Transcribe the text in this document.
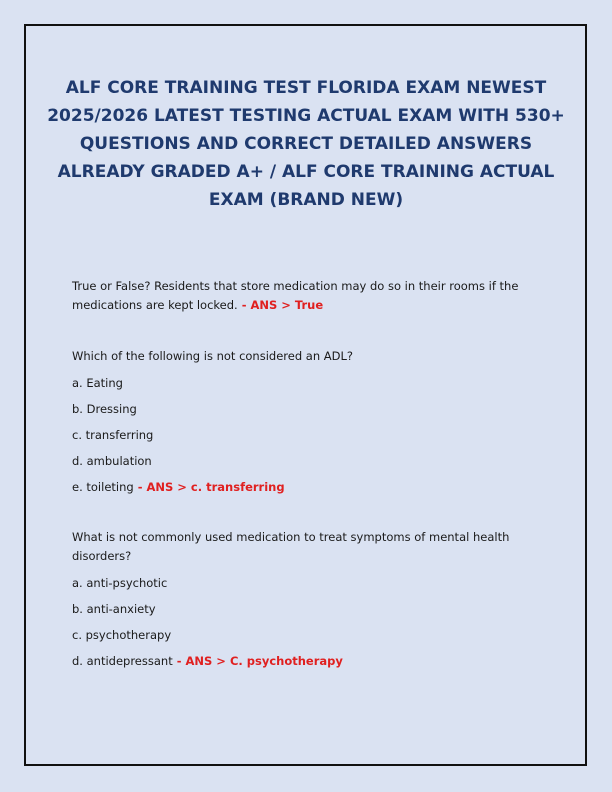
ALF CORE TRAINING TEST FLORIDA EXAM NEWEST 2025/2026 LATEST TESTING ACTUAL EXAM WITH 530+ QUESTIONS AND CORRECT DETAILED ANSWERS ALREADY GRADED A+ / ALF CORE TRAINING ACTUAL EXAM (BRAND NEW)

True or False? Residents that store medication may do so in their rooms if the medications are kept locked. - ANS > True

Which of the following is not considered an ADL?

a. Eating

b. Dressing

c. transferring

d. ambulation

e. toileting - ANS > c. transferring

What is not commonly used medication to treat symptoms of mental health disorders?

a. anti-psychotic

b. anti-anxiety

c. psychotherapy

d. antidepressant - ANS > C. psychotherapy
